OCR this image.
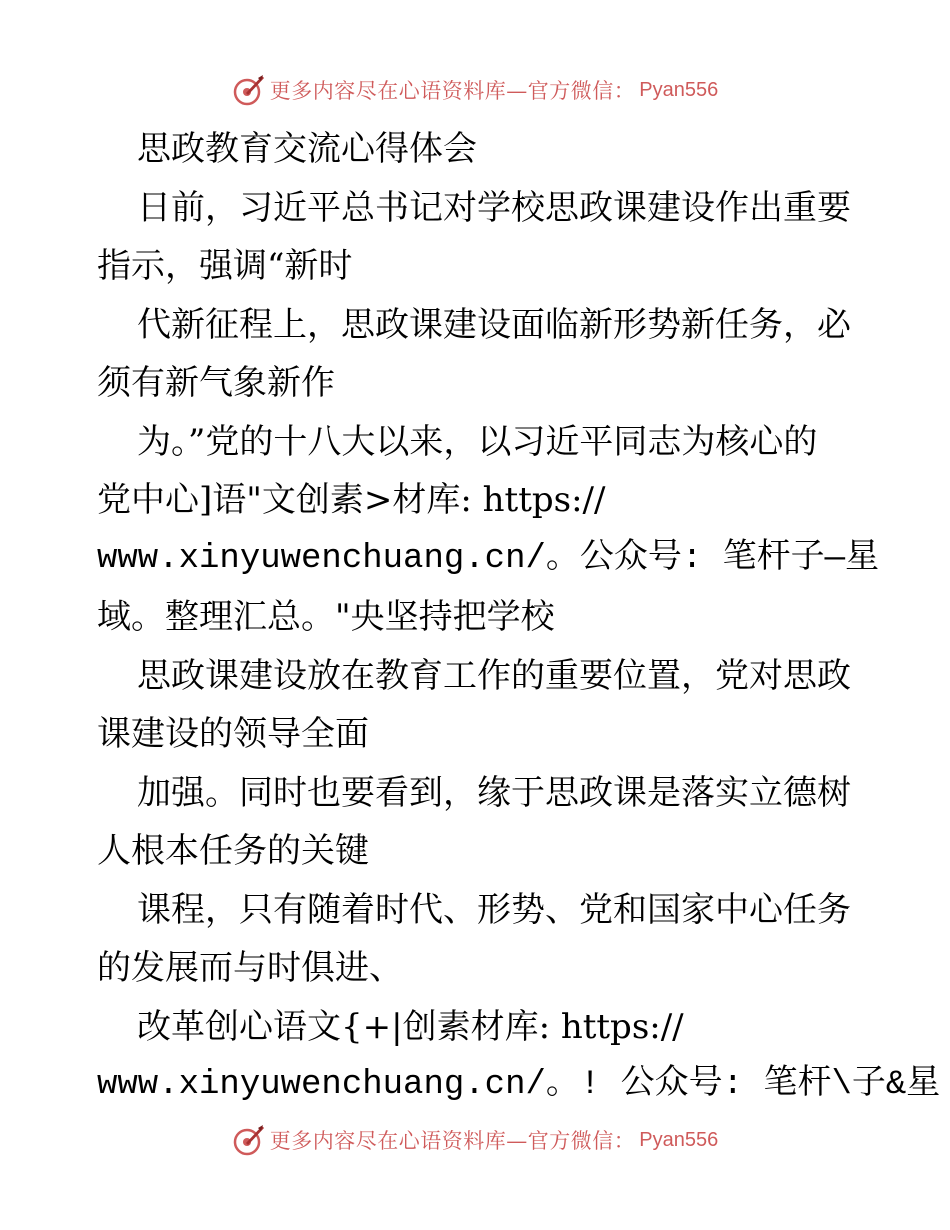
更多内容尽在心语资料库—官方微信： Pyan556
思政教育交流心得体会
日前，习近平总书记对学校思政课建设作出重要
指示，强调“新时
代新征程上，思政课建设面临新形势新任务，必
须有新气象新作
为。”党的十八大以来，以习近平同志为核心的
党中心]语"文创素>材库: https://
www.xinyuwenchuang.cn/。公众号: 笔杆子—星
域。整理汇总。"央坚持把学校
思政课建设放在教育工作的重要位置，党对思政
课建设的领导全面
加强。同时也要看到，缘于思政课是落实立德树
人根本任务的关键
课程，只有随着时代、形势、党和国家中心任务
的发展而与时俱进、
改革创心语文{+|创素材库: https://
www.xinyuwenchuang.cn/。! 公众号: 笔杆\子&星
更多内容尽在心语资料库—官方微信： Pyan556
